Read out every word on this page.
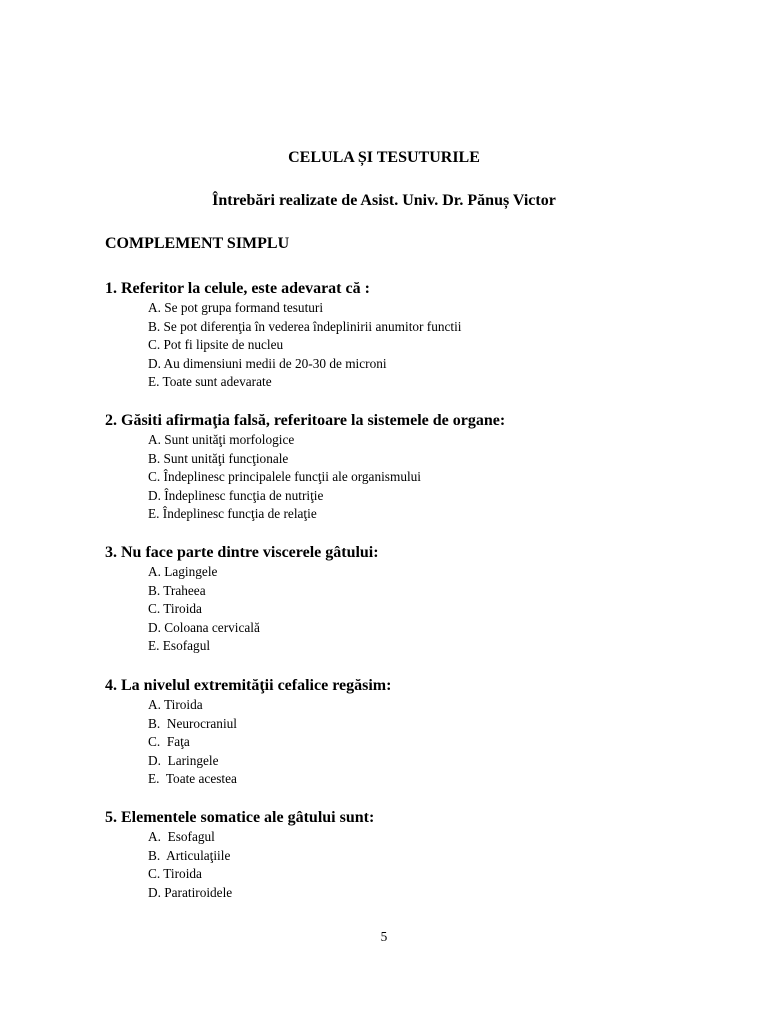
CELULA ȘI TESUTURILE
Întrebări realizate de Asist. Univ. Dr. Pănuș Victor
COMPLEMENT SIMPLU

1. Referitor la celule, este adevarat că :

A. Se pot grupa formand tesuturi
B. Se pot diferenţia în vederea îndeplinirii anumitor functii
C. Pot fi lipsite de nucleu
D. Au dimensiuni medii de 20-30 de microni
E. Toate sunt adevarate

2. Găsiti afirmaţia falsă, referitoare la sistemele de organe:

A. Sunt unităţi morfologice
B. Sunt unităţi funcţionale
C. Îndeplinesc principalele funcţii ale organismului
D. Îndeplinesc funcţia de nutriţie
E. Îndeplinesc funcţia de relaţie

3. Nu face parte dintre viscerele gâtului:

A. Lagingele
B. Traheea
C. Tiroida
D. Coloana cervicală
E. Esofagul

4. La nivelul extremităţii cefalice regăsim:

A. Tiroida
B.  Neurocraniul
C.  Faţa
D.  Laringele
E.  Toate acestea

5. Elementele somatice ale gâtului sunt:

A.  Esofagul
B.  Articulaţiile
C. Tiroida
D. Paratiroidele
5
